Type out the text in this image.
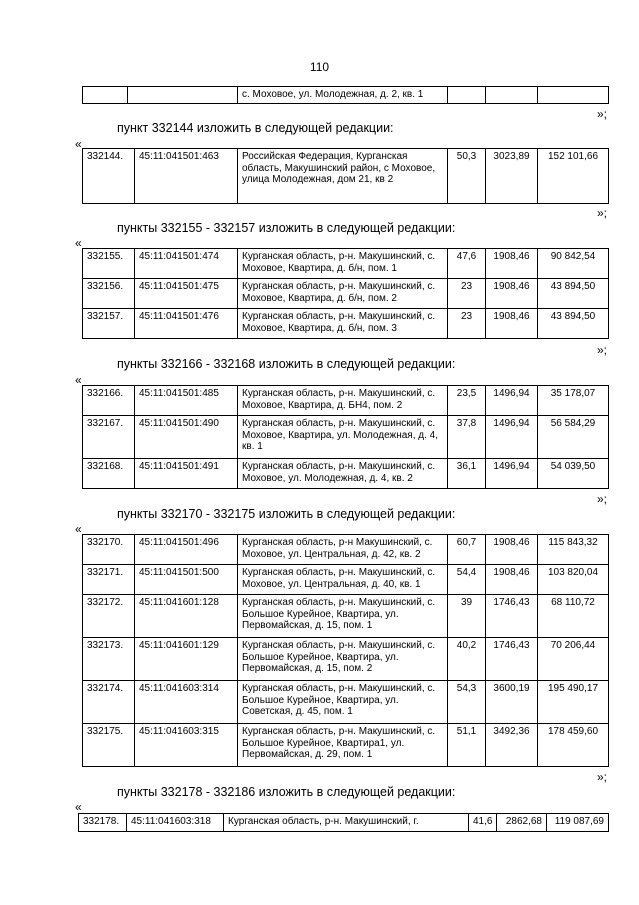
110
		с. Моховое, ул. Молодежная, д. 2, кв. 1			
»;
пункт 332144 изложить в следующей редакции:
«
332144.	45:11:041501:463	Российская Федерация, Курганская область, Макушинский район, с Моховое, улица Молодежная, дом 21, кв 2	50,3	3023,89	152 101,66
»;
пункты 332155 - 332157 изложить в следующей редакции:
«
332155.	45:11:041501:474	Курганская область, р-н. Макушинский, с. Моховое, Квартира, д. б/н, пом. 1	47,6	1908,46	90 842,54
332156.	45:11:041501:475	Курганская область, р-н. Макушинский, с. Моховое, Квартира, д. б/н, пом. 2	23	1908,46	43 894,50
332157.	45:11:041501:476	Курганская область, р-н. Макушинский, с. Моховое, Квартира, д. б/н, пом. 3	23	1908,46	43 894,50
»;
пункты 332166 - 332168 изложить в следующей редакции:
«
332166.	45:11:041501:485	Курганская область, р-н. Макушинский, с. Моховое, Квартира, д. БН4, пом. 2	23,5	1496,94	35 178,07
332167.	45:11:041501:490	Курганская область, р-н. Макушинский, с. Моховое, Квартира, ул. Молодежная, д. 4, кв. 1	37,8	1496,94	56 584,29
332168.	45:11:041501:491	Курганская область, р-н. Макушинский, с. Моховое, ул. Молодежная, д. 4, кв. 2	36,1	1496,94	54 039,50
»;
пункты 332170 - 332175 изложить в следующей редакции:
«
332170.	45:11:041501:496	Курганская область, р-н Макушинский, с. Моховое, ул. Центральная, д. 42, кв. 2	60,7	1908,46	115 843,32
332171.	45:11:041501:500	Курганская область, р-н. Макушинский, с. Моховое, ул. Центральная, д. 40, кв. 1	54,4	1908,46	103 820,04
332172.	45:11:041601:128	Курганская область, р-н. Макушинский, с. Большое Курейное, Квартира, ул. Первомайская, д. 15, пом. 1	39	1746,43	68 110,72
332173.	45:11:041601:129	Курганская область, р-н. Макушинский, с. Большое Курейное, Квартира, ул. Первомайская, д. 15, пом. 2	40,2	1746,43	70 206,44
332174.	45:11:041603:314	Курганская область, р-н. Макушинский, с. Большое Курейное, Квартира, ул. Советская, д. 45, пом. 1	54,3	3600,19	195 490,17
332175.	45:11:041603:315	Курганская область, р-н. Макушинский, с. Большое Курейное, Квартира1, ул. Первомайская, д. 29, пом. 1	51,1	3492,36	178 459,60
»;
пункты 332178 - 332186 изложить в следующей редакции:
«
332178.	45:11:041603:318	Курганская область, р-н. Макушинский, г.	41,6	2862,68	119 087,69
